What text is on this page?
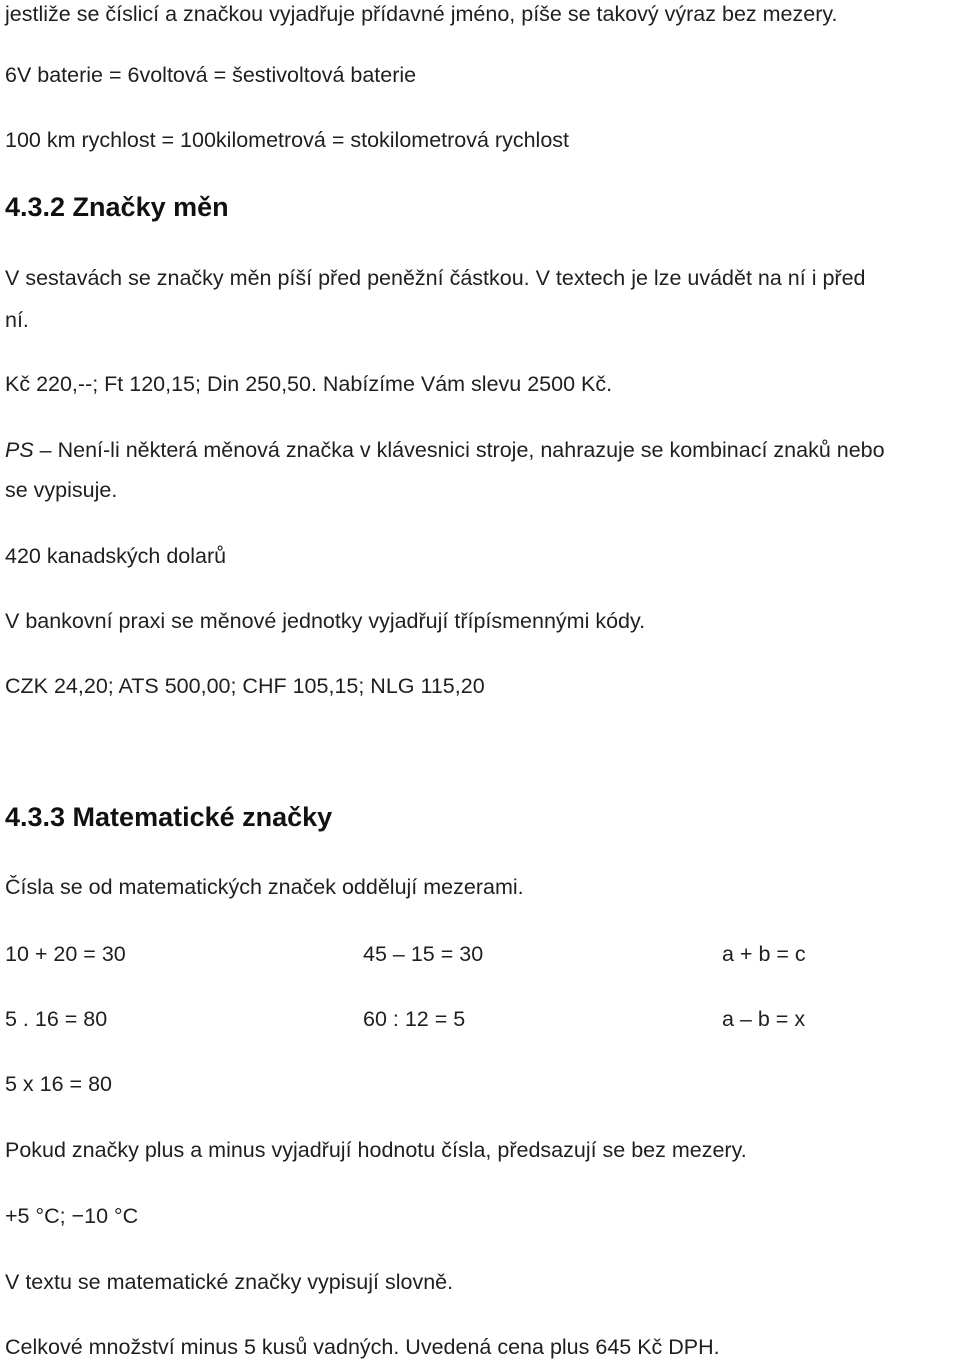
jestliže se číslicí a značkou vyjadřuje přídavné jméno, píše se takový výraz bez mezery.
6V baterie = 6voltová = šestivoltová baterie
100 km rychlost = 100kilometrová = stokilometrová rychlost
4.3.2 Značky měn
V sestavách se značky měn píší před peněžní částkou. V textech je lze uvádět na ní i před
ní.
Kč 220,--; Ft 120,15; Din 250,50. Nabízíme Vám slevu 2500 Kč.
PS – Není-li některá měnová značka v klávesnici stroje, nahrazuje se kombinací znaků nebo
se vypisuje.
420 kanadských dolarů
V bankovní praxi se měnové jednotky vyjadřují třípísmennými kódy.
CZK 24,20; ATS 500,00; CHF 105,15; NLG 115,20
4.3.3 Matematické značky
Čísla se od matematických značek oddělují mezerami.
10 + 20 = 30	45 – 15 = 30	a + b = c
5 . 16 = 80	60 : 12 = 5	a – b = x
5 x 16 = 80
Pokud značky plus a minus vyjadřují hodnotu čísla, předsazují se bez mezery.
+5 °C; −10 °C
V textu se matematické značky vypisují slovně.
Celkové množství minus 5 kusů vadných. Uvedená cena plus 645 Kč DPH.
